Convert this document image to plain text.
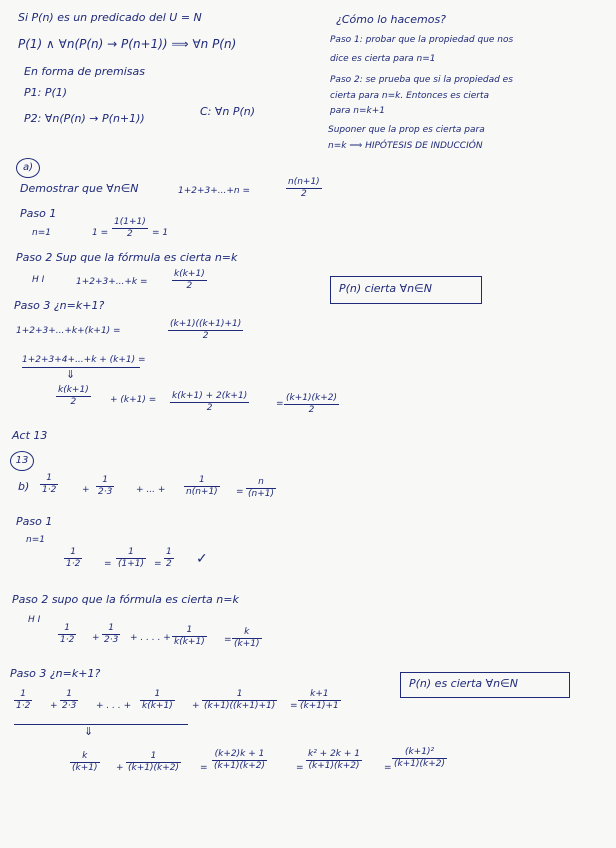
Si P(n) es un predicado del U = N
P(1) ∧ ∀n(P(n) → P(n+1)) ⟹ ∀n P(n)
En forma de premisas
P1: P(1)
P2: ∀n(P(n) → P(n+1))
C: ∀n P(n)
¿Cómo lo hacemos?
Paso 1: probar que la propiedad que nos
dice es cierta para n=1
Paso 2: se prueba que si la propiedad es
cierta para n=k. Entonces es cierta
para n=k+1
Suponer que la prop es cierta para
n=k ⟹ HIPÓTESIS DE INDUCCIÓN
a)
Demostrar que ∀n∈N	1+2+3+...+n =
n(n+1)
2
Paso 1
n=1	1 =
1(1+1)
2 = 1
Paso 2 Sup que la fórmula es cierta n=k
H I	1+2+3+...+k =
k(k+1)
2	P(n) cierta ∀n∈N
Paso 3 ¿n=k+1?
1+2+3+...+k+(k+1) =
(k+1)((k+1)+1)
2
1+2+3+4+...+k + (k+1) =
⇓
k(k+1)
2	+ (k+1) = k(k+1) + 2(k+1)
2	=
(k+1)(k+2)
2
Act 13
13
b)
1
1·2	+
1
2·3	+ ... +
1
n(n+1) =
n
(n+1)
Paso 1
n=1
1
1·2	=
1
(1+1) =
1
2 ✓
Paso 2 supo que la fórmula es cierta n=k
H I
1
1·2 +
1
2·3 + . . . . +
1
k(k+1) =
k
(k+1)
Paso 3 ¿n=k+1?
P(n) es cierta ∀n∈N
1
1·2 +
1
2·3 + . . . +
1
k(k+1) +
1
(k+1)((k+1)+1) =
k+1
(k+1)+1
⇓
k
(k+1) +
1
(k+1)(k+2) =
(k+2)k + 1
(k+1)(k+2)	=
k² + 2k + 1
(k+1)(k+2)	=
(k+1)²
(k+1)(k+2)
